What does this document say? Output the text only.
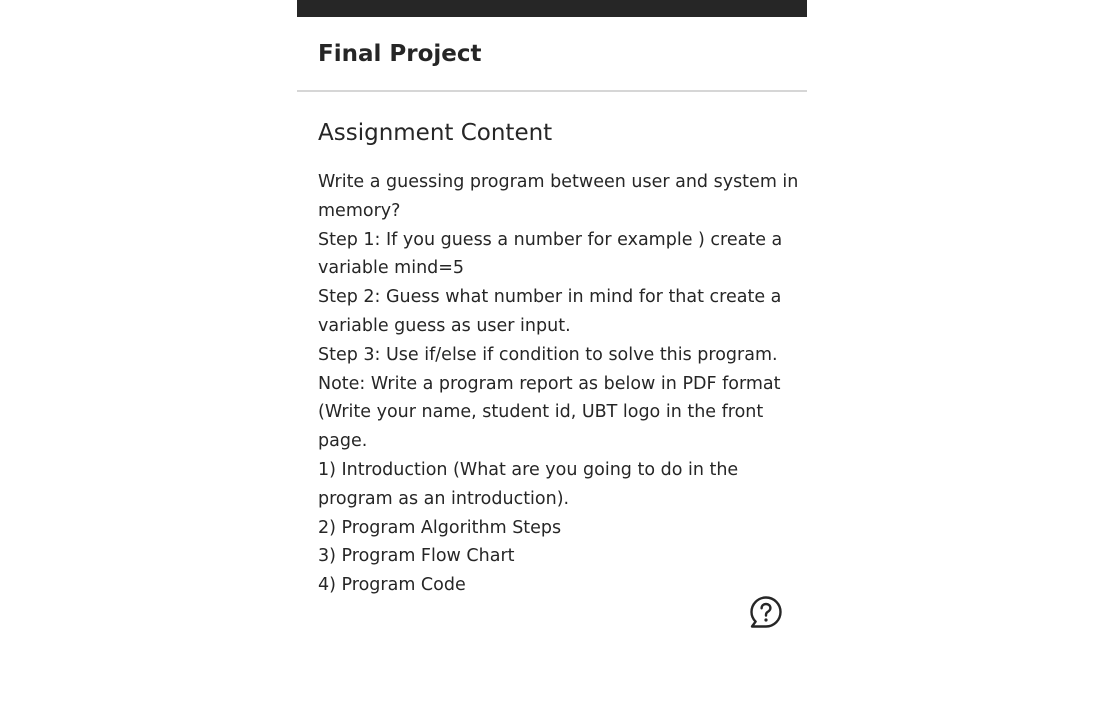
Final Project
Assignment Content
Write a guessing program between user and system in
memory?
Step 1: If you guess a number for example ) create a
variable mind=5
Step 2: Guess what number in mind for that create a
variable guess as user input.
Step 3: Use if/else if condition to solve this program.
Note: Write a program report as below in PDF format
(Write your name, student id, UBT logo in the front
page.
1) Introduction (What are you going to do in the
program as an introduction).
2) Program Algorithm Steps
3) Program Flow Chart
4) Program Code
